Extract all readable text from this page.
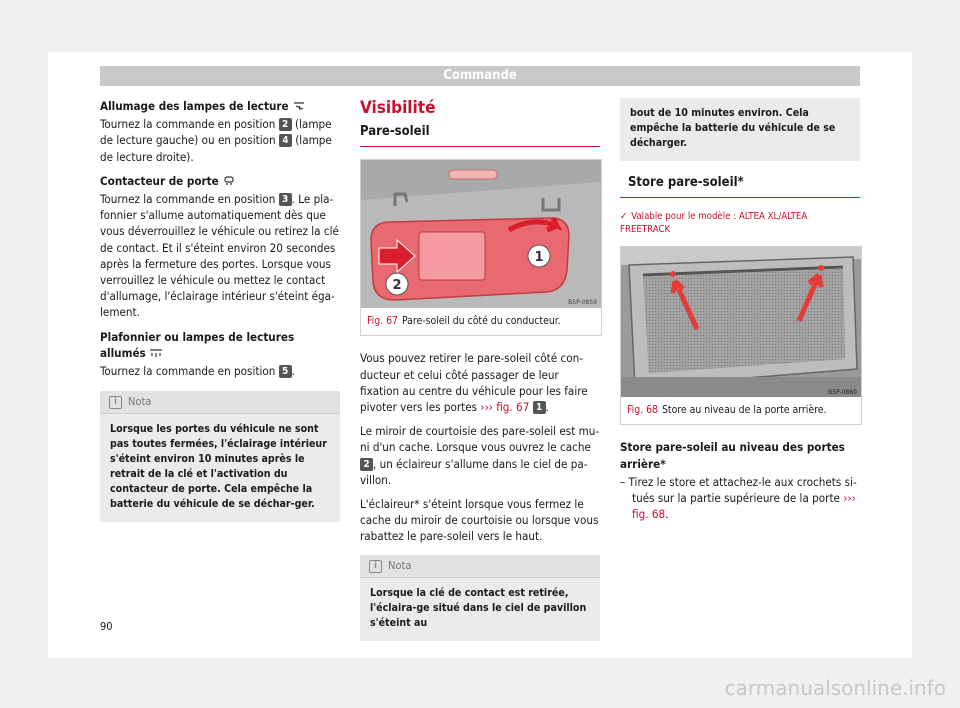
Commande

Allumage des lampes de lecture

Tournez la commande en position 2 (lampe de lecture gauche) ou en position 4 (lampe de lecture droite).

Contacteur de porte

Tournez la commande en position 3 . Le pla-fonnier s'allume automatiquement dès que vous déverrouillez le véhicule ou retirez la clé de contact. Et il s'éteint environ 20 secondes après la fermeture des portes. Lorsque vous verrouillez le véhicule ou mettez le contact d'allumage, l'éclairage intérieur s'éteint éga-lement.

Plafonnier ou lampes de lectures allumés

Tournez la commande en position 5 .

i	Nota
Lorsque les portes du véhicule ne sont pas toutes fermées, l'éclairage intérieur s'éteint environ 10 minutes après le retrait de la clé et l'activation du contacteur de porte. Cela empêche la batterie du véhicule de se déchar-ger.
Visibilité
Pare-soleil
1
2
B5P-0859
Fig. 67 Pare-soleil du côté du conducteur.

Vous pouvez retirer le pare-soleil côté con-ducteur et celui côté passager de leur fixation au centre du véhicule pour les faire pivoter vers les portes ››› fig. 67 1 .

Le miroir de courtoisie des pare-soleil est mu-ni d'un cache. Lorsque vous ouvrez le cache 2 , un éclaireur s'allume dans le ciel de pa-villon.

L'éclaireur* s'éteint lorsque vous fermez le cache du miroir de courtoisie ou lorsque vous rabattez le pare-soleil vers le haut.

i	Nota
Lorsque la clé de contact est retirée, l'éclaira-ge situé dans le ciel de pavillon s'éteint au
bout de 10 minutes environ. Cela empêche la batterie du véhicule de se décharger.
Store pare-soleil*
✓ Valable pour le modèle : ALTEA XL/ALTEA FREETRACK
B5P-0860
Fig. 68 Store au niveau de la porte arrière.

Store pare-soleil au niveau des portes arrière*

– Tirez le store et attachez-le aux crochets si-tués sur la partie supérieure de la porte ››› fig. 68.

90
carmanualsonline.info
